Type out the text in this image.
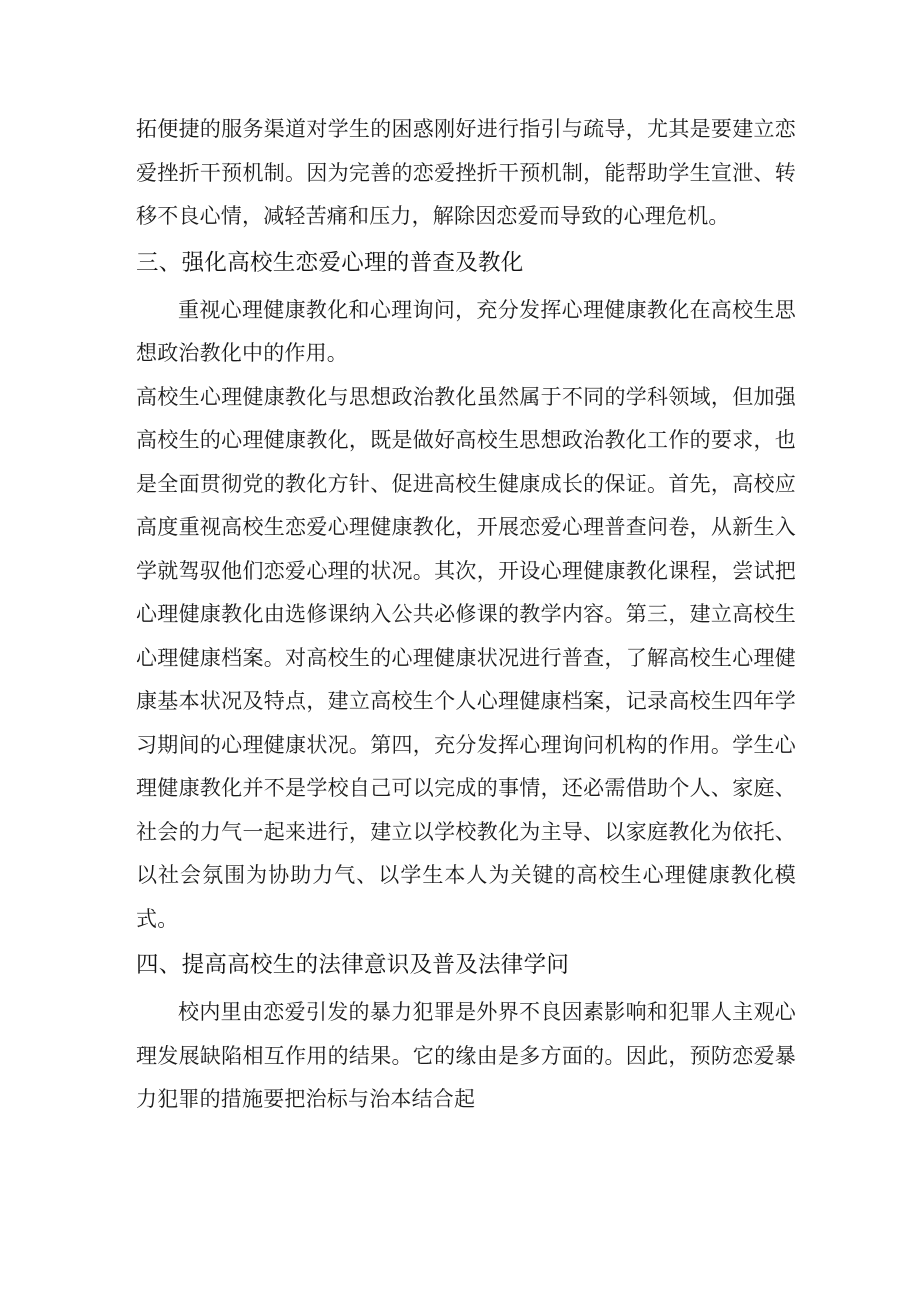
拓便捷的服务渠道对学生的困惑刚好进行指引与疏导，尤其是要建立恋爱挫折干预机制。因为完善的恋爱挫折干预机制，能帮助学生宣泄、转移不良心情，减轻苦痛和压力，解除因恋爱而导致的心理危机。

三、强化高校生恋爱心理的普查及教化

重视心理健康教化和心理询问，充分发挥心理健康教化在高校生思想政治教化中的作用。

高校生心理健康教化与思想政治教化虽然属于不同的学科领域，但加强高校生的心理健康教化，既是做好高校生思想政治教化工作的要求，也是全面贯彻党的教化方针、促进高校生健康成长的保证。首先，高校应高度重视高校生恋爱心理健康教化，开展恋爱心理普查问卷，从新生入学就驾驭他们恋爱心理的状况。其次，开设心理健康教化课程，尝试把心理健康教化由选修课纳入公共必修课的教学内容。第三，建立高校生心理健康档案。对高校生的心理健康状况进行普查，了解高校生心理健康基本状况及特点，建立高校生个人心理健康档案，记录高校生四年学习期间的心理健康状况。第四，充分发挥心理询问机构的作用。学生心理健康教化并不是学校自己可以完成的事情，还必需借助个人、家庭、社会的力气一起来进行，建立以学校教化为主导、以家庭教化为依托、以社会氛围为协助力气、以学生本人为关键的高校生心理健康教化模式。

四、提高高校生的法律意识及普及法律学问

校内里由恋爱引发的暴力犯罪是外界不良因素影响和犯罪人主观心理发展缺陷相互作用的结果。它的缘由是多方面的。因此，预防恋爱暴力犯罪的措施要把治标与治本结合起
